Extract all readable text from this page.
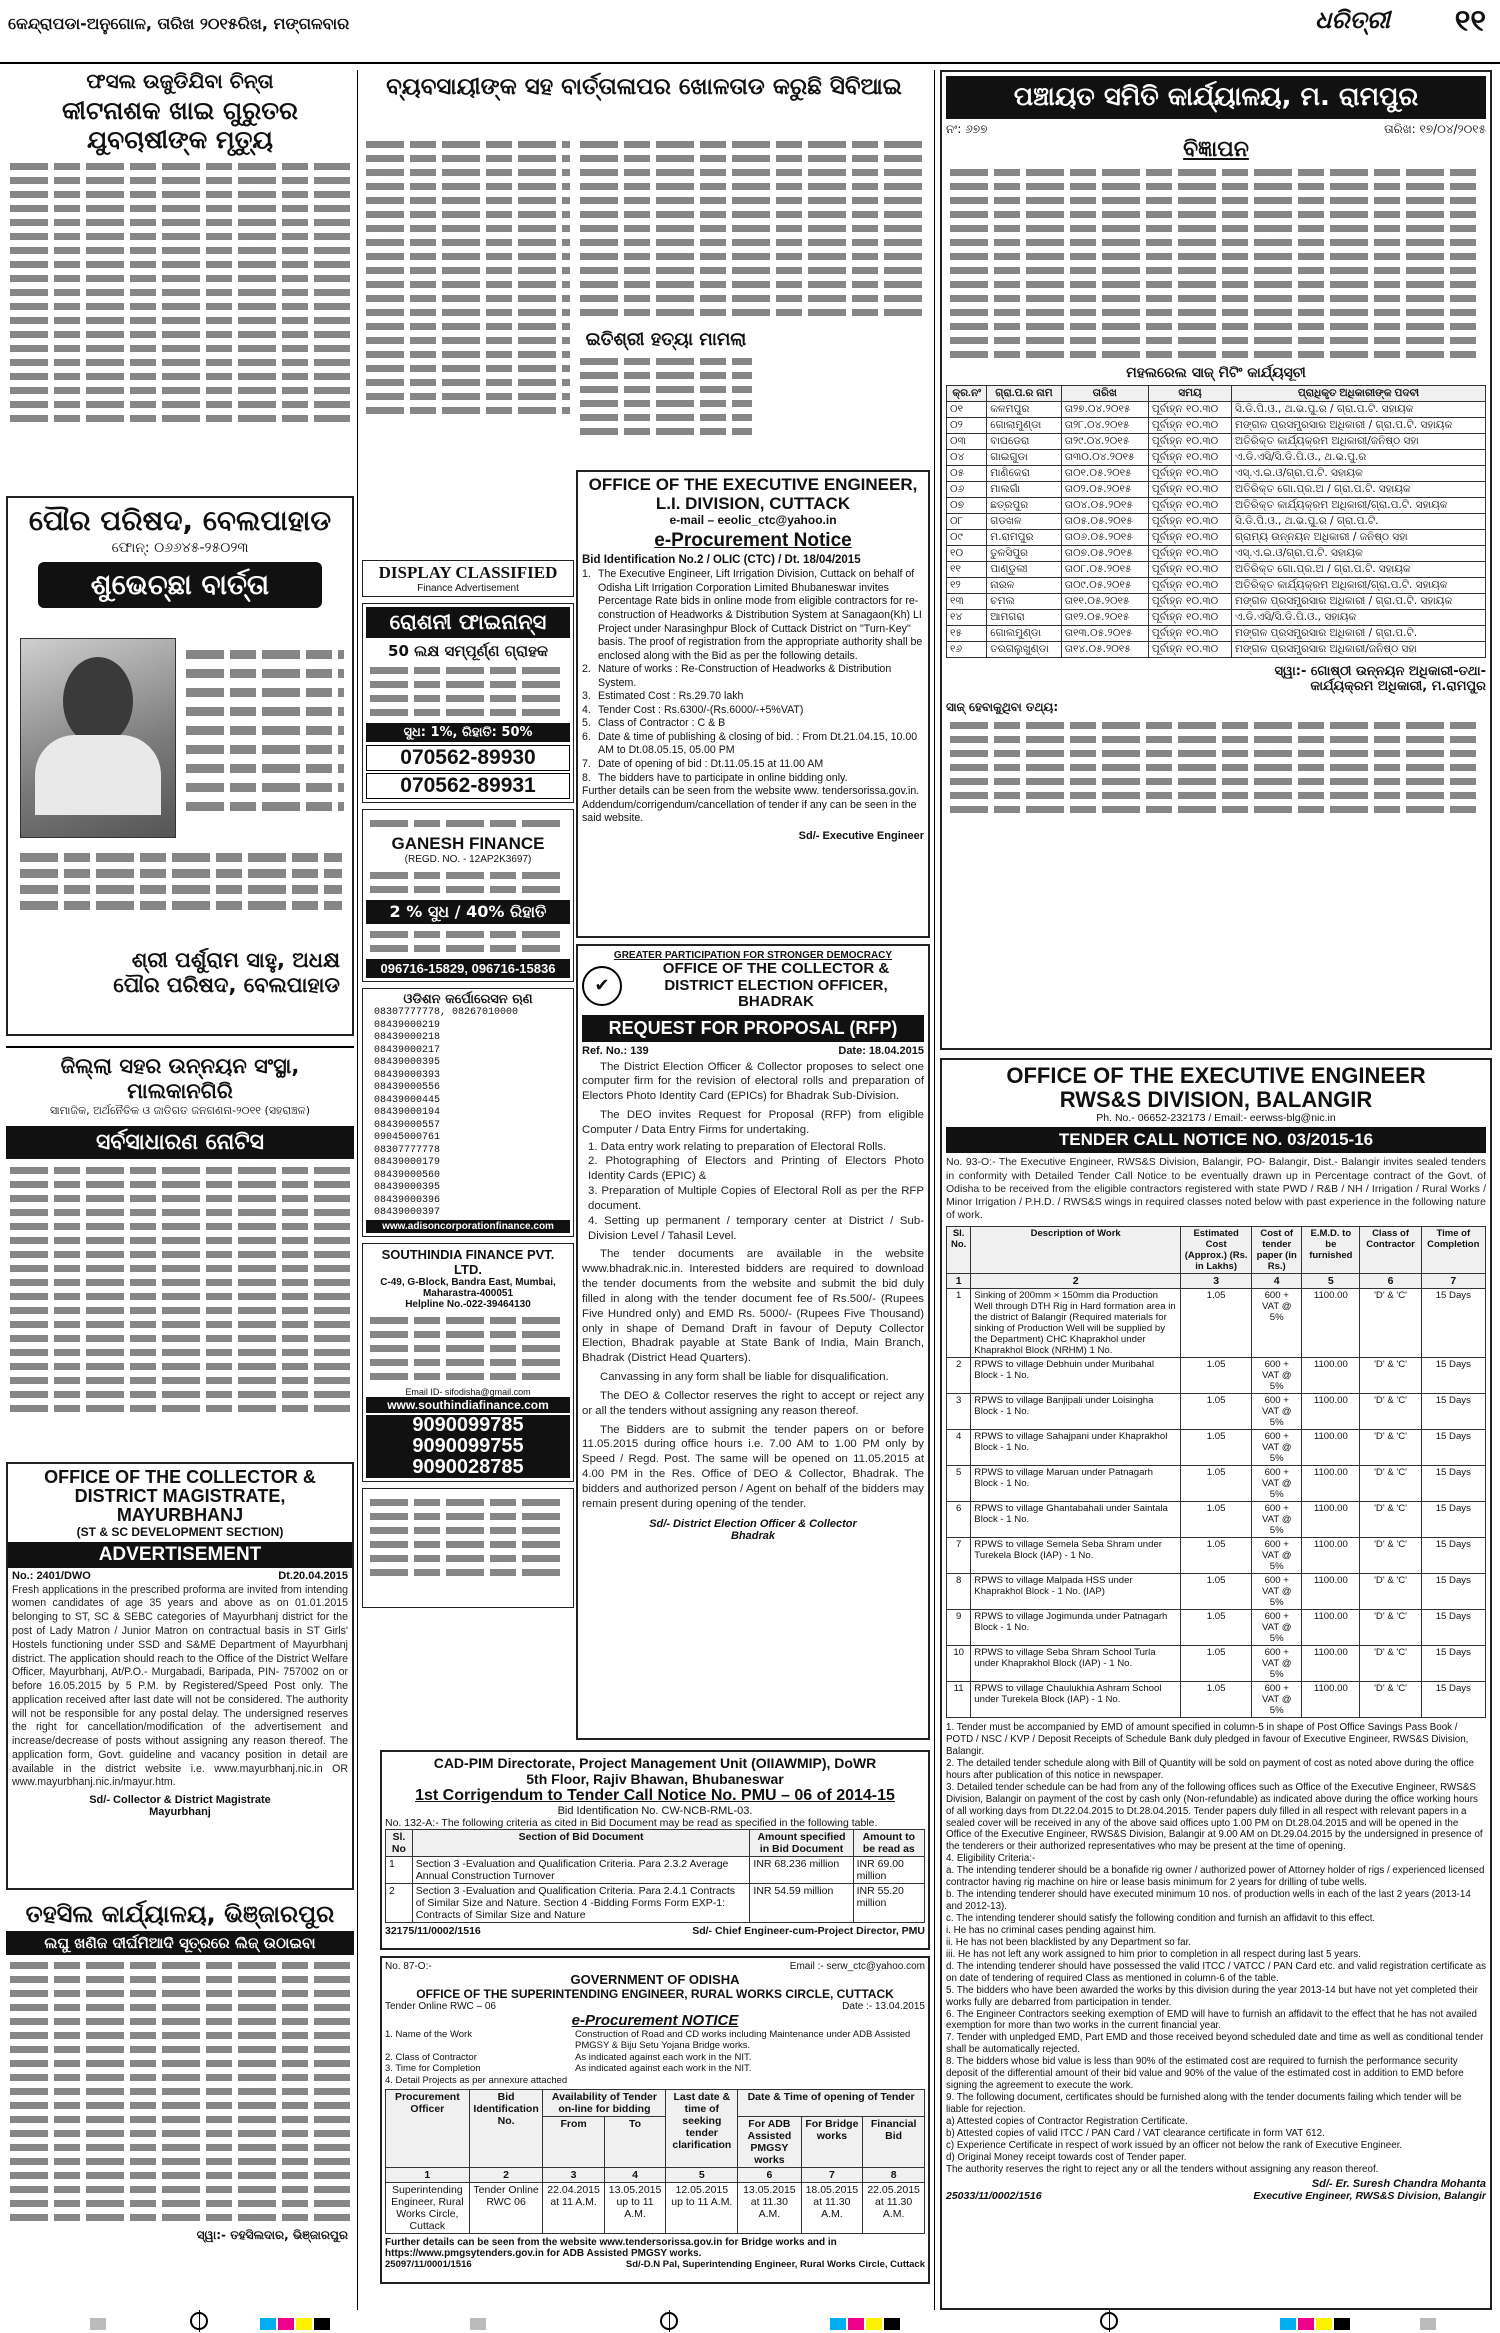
କେନ୍ଦ୍ରାପଡା-ଅନୁଗୋଳ, ତାରିଖ ୨୦୧୫ରିଖ, ମଙ୍ଗଳବାର	ଧରିତ୍ରୀ ୧୧
ଫସଲ ଉଜୁଡିଯିବା ଚିନ୍ତା
କୀଟନାଶକ ଖାଇ ଗୁରୁତର ଯୁବଚାଷୀଙ୍କ ମୃତ୍ୟୁ
ପୌର ପରିଷଦ, ବେଲପାହାଡ
ଫୋନ୍: ୦୬୬୪୫-୨୫୦୨୩
ଶୁଭେଚ୍ଛା ବାର୍ତ୍ତା
ଶ୍ରୀ ପର୍ଶୁରାମ ସାହୁ, ଅଧକ୍ଷ
ପୌର ପରିଷଦ, ବେଲପାହାଡ
ଜିଲ୍ଲା ସହର ଉନ୍ନୟନ ସଂସ୍ଥା, ମାଲକାନଗିରି
ସାମାଜିକ, ଅର୍ଥନୈତିକ ଓ ଜାତିଗତ ଜନଗଣନା-୨୦୧୧ (ସହରାଞ୍ଚଳ)
ସର୍ବସାଧାରଣ ନୋଟିସ
OFFICE OF THE COLLECTOR & DISTRICT MAGISTRATE, MAYURBHANJ
(ST & SC DEVELOPMENT SECTION)
ADVERTISEMENT
No.: 2401/DWO	Dt.20.04.2015
Fresh applications in the prescribed proforma are invited from intending women candidates of age 35 years and above as on 01.01.2015 belonging to ST, SC & SEBC categories of Mayurbhanj district for the post of Lady Matron / Junior Matron on contractual basis in ST Girls' Hostels functioning under SSD and S&ME Department of Mayurbhanj district. The application should reach to the Office of the District Welfare Officer, Mayurbhanj, At/P.O.- Murgabadi, Baripada, PIN- 757002 on or before 16.05.2015 by 5 P.M. by Registered/Speed Post only. The application received after last date will not be considered. The authority will not be responsible for any postal delay. The undersigned reserves the right for cancellation/modification of the advertisement and increase/decrease of posts without assigning any reason thereof. The application form, Govt. guideline and vacancy position in detail are available in the district website i.e. www.mayurbhanj.nic.in OR www.mayurbhanj.nic.in/mayur.htm.
Sd/- Collector & District Magistrate
Mayurbhanj
ତହସିଲ କାର୍ଯ୍ୟାଳୟ, ଭିଞ୍ଜାରପୁର
ଲଘୁ ଖଣିଜ ଦୀର୍ଘମିଆଦି ସୂତ୍ରରେ ଲିଜ୍ ଉଠାଇବା
ସ୍ୱା:- ତହସିଲଦାର, ଭିଞ୍ଜାରପୁର
ବ୍ୟବସାୟୀଙ୍କ ସହ ବାର୍ତ୍ତାଳାପର ଖୋଳତାଡ କରୁଛି ସିବିଆଇ
DISPLAY CLASSIFIED
Finance Advertisement
ରୋଶନୀ ଫାଇନାନ୍ସ
50 ଲକ୍ଷ ସମ୍ପୂର୍ଣ୍ଣ ଗ୍ରାହକ
ସୁଧ: 1%, ରିହାତି: 50%
070562-89930
070562-89931
GANESH FINANCE
(REGD. NO. - 12AP2K3697)
2 % ସୁଧ / 40% ରିହାତି
096716-15829, 096716-15836
ଓଡିଶନ କର୍ପୋରେସନ ଋଣ
08307777778, 08267010000
08439000219
08439000218
08439000217
08439000395
08439000393
08439000556
08439000445
08439000194
08439000557
09045000761
08307777778
08439000179
08439000560
08439000395
08439000396
08439000397
www.adisoncorporationfinance.com
SOUTHINDIA FINANCE PVT. LTD.
C-49, G-Block, Bandra East, Mumbai, Maharastra-400051
Helpline No.-022-39464130
Email ID- sifodisha@gmail.com
www.southindiafinance.com
9090099785
9090099755
9090028785
ଇତିଶ୍ରୀ ହତ୍ୟା ମାମଲା
OFFICE OF THE EXECUTIVE ENGINEER, L.I. DIVISION, CUTTACK
e-mail – eeolic_ctc@yahoo.in
e-Procurement Notice
Bid Identification No.2 / OLIC (CTC) / Dt. 18/04/2015
1. The Executive Engineer, Lift Irrigation Division, Cuttack on behalf of Odisha Lift Irrigation Corporation Limited Bhubaneswar invites Percentage Rate bids in online mode from eligible contractors for re-construction of Headworks & Distribution System at Sanagaon(Kh) LI Project under Narasinghpur Block of Cuttack District on "Turn-Key" basis. The proof of registration from the appropriate authority shall be enclosed along with the Bid as per the following details.
2. Nature of works : Re-Construction of Headworks & Distribution System.
3. Estimated Cost : Rs.29.70 lakh
4. Tender Cost : Rs.6300/-(Rs.6000/-+5%VAT)
5. Class of Contractor : C & B
6. Date & time of publishing & closing of bid. : From Dt.21.04.15, 10.00 AM to Dt.08.05.15, 05.00 PM
7. Date of opening of bid : Dt.11.05.15 at 11.00 AM
8. The bidders have to participate in online bidding only.
Further details can be seen from the website www. tendersorissa.gov.in.
Addendum/corrigendum/cancellation of tender if any can be seen in the said website.
Sd/- Executive Engineer
GREATER PARTICIPATION FOR STRONGER DEMOCRACY
✔
OFFICE OF THE COLLECTOR & DISTRICT ELECTION OFFICER, BHADRAK
REQUEST FOR PROPOSAL (RFP)
Ref. No.: 139	Date: 18.04.2015

The District Election Officer & Collector proposes to select one computer firm for the revision of electoral rolls and preparation of Electors Photo Identity Card (EPICs) for Bhadrak Sub-Division.

The DEO invites Request for Proposal (RFP) from eligible Computer / Data Entry Firms for undertaking.

1. Data entry work relating to preparation of Electoral Rolls.
2. Photographing of Electors and Printing of Electors Photo Identity Cards (EPIC) &
3. Preparation of Multiple Copies of Electoral Roll as per the RFP document.
4. Setting up permanent / temporary center at District / Sub-Division Level / Tahasil Level.

The tender documents are available in the website www.bhadrak.nic.in. Interested bidders are required to download the tender documents from the website and submit the bid duly filled in along with the tender document fee of Rs.500/- (Rupees Five Hundred only) and EMD Rs. 5000/- (Rupees Five Thousand) only in shape of Demand Draft in favour of Deputy Collector Election, Bhadrak payable at State Bank of India, Main Branch, Bhadrak (District Head Quarters).

Canvassing in any form shall be liable for disqualification.

The DEO & Collector reserves the right to accept or reject any or all the tenders without assigning any reason thereof.

The Bidders are to submit the tender papers on or before 11.05.2015 during office hours i.e. 7.00 AM to 1.00 PM only by Speed / Regd. Post. The same will be opened on 11.05.2015 at 4.00 PM in the Res. Office of DEO & Collector, Bhadrak. The bidders and authorized person / Agent on behalf of the bidders may remain present during opening of the tender.

Sd/- District Election Officer & Collector
Bhadrak
CAD-PIM Directorate, Project Management Unit (OIIAWMIP), DoWR
5th Floor, Rajiv Bhawan, Bhubaneswar
1st Corrigendum to Tender Call Notice No. PMU – 06 of 2014-15
Bid Identification No. CW-NCB-RML-03.
No. 132-A:- The following criteria as cited in Bid Document may be read as specified in the following table.
Sl. No	Section of Bid Document	Amount specified in Bid Document	Amount to be read as
1	Section 3 -Evaluation and Qualification Criteria. Para 2.3.2 Average Annual Construction Turnover	INR 68.236 million	INR 69.00 million
2	Section 3 -Evaluation and Qualification Criteria. Para 2.4.1 Contracts of Similar Size and Nature. Section 4 -Bidding Forms Form EXP-1: Contracts of Similar Size and Nature	INR 54.59 million	INR 55.20 million
32175/11/0002/1516	Sd/- Chief Engineer-cum-Project Director, PMU
No. 87-O:-	Email :- serw_ctc@yahoo.com
GOVERNMENT OF ODISHA
OFFICE OF THE SUPERINTENDING ENGINEER, RURAL WORKS CIRCLE, CUTTACK
Tender Online RWC – 06	Date :- 13.04.2015
e-Procurement NOTICE
1. Name of the Work	Construction of Road and CD works including Maintenance under ADB Assisted PMGSY & Biju Setu Yojana Bridge works.
2. Class of Contractor	As indicated against each work in the NIT.
3. Time for Completion	As indicated against each work in the NIT.
4. Detail Projects as per annexure attached
Procurement Officer	Bid Identification No.	Availability of Tender on-line for bidding		Last date & time of seeking tender clarification	Date & Time of opening of Tender		
		From	To		For ADB Assisted PMGSY works	For Bridge works	Financial Bid
1	2	3	4	5	6	7	8
Superintending Engineer, Rural Works Circle, Cuttack	Tender Online RWC 06	22.04.2015 at 11 A.M.	13.05.2015 up to 11 A.M.	12.05.2015 up to 11 A.M.	13.05.2015 at 11.30 A.M.	18.05.2015 at 11.30 A.M.	22.05.2015 at 11.30 A.M.
Further details can be seen from the website www.tendersorissa.gov.in for Bridge works and in https://www.pmgsytenders.gov.in for ADB Assisted PMGSY works.
25097/11/0001/1516	Sd/-D.N Pal, Superintending Engineer, Rural Works Circle, Cuttack
ପଞ୍ଚାୟତ ସମିତି କାର୍ଯ୍ୟାଳୟ, ମ. ରାମପୁର
ନଂ: ୬୭୭	ତାରିଖ: ୧୭/୦୪/୨୦୧୫
ବିଜ୍ଞାପନ
ମହଲରେଲ ସାଜ୍ ମିଟିଂ କାର୍ଯ୍ୟସୂଚୀ
କ୍ର.ନଂ	ଗ୍ରା.ପ.ର ନାମ	ତାରିଖ	ସମୟ	ପ୍ରାଧିକୃତ ଅଧିକାରୀଙ୍କ ପଦବୀ
୦୧	କଳମପୁର	ତା୨୭.୦୪.୨୦୧୫	ପୂର୍ବାହ୍ନ ୧୦.୩୦	ସି.ଡି.ପି.ଓ., ଥ.ଭ.ପୁ.ର / ଗ୍ରା.ପ.ଟି. ସହାୟକ
୦୨	ଗୋଲାମୁଣ୍ଡା	ତା୨୮.୦୪.୨୦୧୫	ପୂର୍ବାହ୍ନ ୧୦.୩୦	ମଙ୍ଗଳ ପ୍ରସମ୍ପ୍ରସାର ଅଧିକାରୀ / ଗ୍ରା.ପ.ଟି. ସହାୟକ
୦୩	ବାଘଡେରା	ତା୨୯.୦୪.୨୦୧୫	ପୂର୍ବାହ୍ନ ୧୦.୩୦	ଅତିରିକ୍ତ କାର୍ଯ୍ୟକ୍ରମ ଅଧିକାରୀ/ଜନିଷ୍ଠ ସହା
୦୪	ଗାଇଗୁଡା	ତା୩୦.୦୪.୨୦୧୫	ପୂର୍ବାହ୍ନ ୧୦.୩୦	ଏ.ଡି.ଏସି/ସି.ଡି.ପି.ଓ., ଥ.ଭ.ପୁ.ର
୦୫	ମାଣିକେରା	ତା୦୧.୦୫.୨୦୧୫	ପୂର୍ବାହ୍ନ ୧୦.୩୦	ଏସ୍.ଏ.ଇ.ଓ/ଗ୍ରା.ପ.ଟି. ସହାୟକ
୦୬	ମାଲଗାଁ	ତା୦୨.୦୫.୨୦୧୫	ପୂର୍ବାହ୍ନ ୧୦.୩୦	ଅତିରିକ୍ତ ଗୋ.ପ୍ର.ଅ / ଗ୍ରା.ପ.ଟି. ସହାୟକ
୦୭	ଛତ୍ରପୁର	ତା୦୪.୦୫.୨୦୧୫	ପୂର୍ବାହ୍ନ ୧୦.୩୦	ଅତିରିକ୍ତ କାର୍ଯ୍ୟକ୍ରମ ଅଧିକାରୀ/ଗ୍ରା.ପ.ଟି. ସହାୟକ
୦୮	ଗଡଖଳ	ତା୦୫.୦୫.୨୦୧୫	ପୂର୍ବାହ୍ନ ୧୦.୩୦	ସି.ଡି.ପି.ଓ., ଥ.ଭ.ପୁ.ର / ଗ୍ରା.ପ.ଟି.
୦୯	ମ.ରାମପୁର	ତା୦୬.୦୫.୨୦୧୫	ପୂର୍ବାହ୍ନ ୧୦.୩୦	ଗ୍ରାମ୍ୟ ଉନ୍ନୟନ ଅଧିକାରୀ / ଜନିଷ୍ଠ ସହା
୧୦	ତୁଳସିପୁର	ତା୦୭.୦୫.୨୦୧୫	ପୂର୍ବାହ୍ନ ୧୦.୩୦	ଏସ୍.ଏ.ଇ.ଓ/ଗ୍ରା.ପ.ଟି. ସହାୟକ
୧୧	ପାଣ୍ଡୁଲୀ	ତା୦୮.୦୫.୨୦୧୫	ପୂର୍ବାହ୍ନ ୧୦.୩୦	ଅତିରିକ୍ତ ଗୋ.ପ୍ର.ଅ / ଗ୍ରା.ପ.ଟି. ସହାୟକ
୧୨	ନାରଳ	ତା୦୯.୦୫.୨୦୧୫	ପୂର୍ବାହ୍ନ ୧୦.୩୦	ଅତିରିକ୍ତ କାର୍ଯ୍ୟକ୍ରମ ଅଧିକାରୀ/ଗ୍ରା.ପ.ଟି. ସହାୟକ
୧୩	ଚମଲ	ତା୧୧.୦୫.୨୦୧୫	ପୂର୍ବାହ୍ନ ୧୦.୩୦	ମଙ୍ଗଳ ପ୍ରସମ୍ପ୍ରସାର ଅଧିକାରୀ / ଗ୍ରା.ପ.ଟି. ସହାୟକ
୧୪	ଆମଗରା	ତା୧୨.୦୫.୨୦୧୫	ପୂର୍ବାହ୍ନ ୧୦.୩୦	ଏ.ଡି.ଏସି/ସି.ଡି.ପି.ଓ., ସହାୟକ
୧୫	ଗୋଲମୁଣ୍ଡା	ତା୧୩.୦୫.୨୦୧୫	ପୂର୍ବାହ୍ନ ୧୦.୩୦	ମଙ୍ଗଳ ପ୍ରସମ୍ପ୍ରସାର ଅଧିକାରୀ / ଗ୍ରା.ପ.ଟି.
୧୬	ତରଗଲୁଖୁଣ୍ଡା	ତା୧୪.୦୫.୨୦୧୫	ପୂର୍ବାହ୍ନ ୧୦.୩୦	ମଙ୍ଗଳ ପ୍ରସମ୍ପ୍ରସାର ଅଧିକାରୀ/ଜନିଷ୍ଠ ସହା
ସ୍ୱା:- ଗୋଷ୍ଠୀ ଉନ୍ନୟନ ଅଧିକାରୀ-ତଥା-
କାର୍ଯ୍ୟକ୍ରମ ଅଧିକାରୀ, ମ.ରାମପୁର
ସାଜ୍ ହେବାକୁଥିବା ତଥ୍ୟ:
OFFICE OF THE EXECUTIVE ENGINEER
RWS&S DIVISION, BALANGIR
Ph. No.- 06652-232173 / Email:- eerwss-blg@nic.in
TENDER CALL NOTICE NO. 03/2015-16
No. 93-O:- The Executive Engineer, RWS&S Division, Balangir, PO- Balangir, Dist.- Balangir invites sealed tenders in conformity with Detailed Tender Call Notice to be eventually drawn up in Percentage contract of the Govt. of Odisha to be received from the eligible contractors registered with state PWD / R&B / NH / Irrigation / Rural Works / Minor Irrigation / P.H.D. / RWS&S wings in required classes noted below with past experience in the following nature of work.
Sl. No.	Description of Work	Estimated Cost (Approx.) (Rs. in Lakhs)	Cost of tender paper (in Rs.)	E.M.D. to be furnished	Class of Contractor	Time of Completion
1	2	3	4	5	6	7
1	Sinking of 200mm × 150mm dia Production Well through DTH Rig in Hard formation area in the district of Balangir (Required materials for sinking of Production Well will be supplied by the Department) CHC Khaprakhol under Khaprakhol Block (NRHM) 1 No.	1.05	600 + VAT @ 5%	1100.00	'D' & 'C'	15 Days
2	RPWS to village Debhuin under Muribahal Block - 1 No.	1.05	600 + VAT @ 5%	1100.00	'D' & 'C'	15 Days
3	RPWS to village Banjipali under Loisingha Block - 1 No.	1.05	600 + VAT @ 5%	1100.00	'D' & 'C'	15 Days
4	RPWS to village Sahajpani under Khaprakhol Block - 1 No.	1.05	600 + VAT @ 5%	1100.00	'D' & 'C'	15 Days
5	RPWS to village Maruan under Patnagarh Block - 1 No.	1.05	600 + VAT @ 5%	1100.00	'D' & 'C'	15 Days
6	RPWS to village Ghantabahali under Saintala Block - 1 No.	1.05	600 + VAT @ 5%	1100.00	'D' & 'C'	15 Days
7	RPWS to village Semela Seba Shram under Turekela Block (IAP) - 1 No.	1.05	600 + VAT @ 5%	1100.00	'D' & 'C'	15 Days
8	RPWS to village Malpada HSS under Khaprakhol Block - 1 No. (IAP)	1.05	600 + VAT @ 5%	1100.00	'D' & 'C'	15 Days
9	RPWS to village Jogimunda under Patnagarh Block - 1 No.	1.05	600 + VAT @ 5%	1100.00	'D' & 'C'	15 Days
10	RPWS to village Seba Shram School Turla under Khaprakhol Block (IAP) - 1 No.	1.05	600 + VAT @ 5%	1100.00	'D' & 'C'	15 Days
11	RPWS to village Chaulukhia Ashram School under Turekela Block (IAP) - 1 No.	1.05	600 + VAT @ 5%	1100.00	'D' & 'C'	15 Days
1. Tender must be accompanied by EMD of amount specified in column-5 in shape of Post Office Savings Pass Book / POTD / NSC / KVP / Deposit Receipts of Schedule Bank duly pledged in favour of Executive Engineer, RWS&S Division, Balangir.
2. The detailed tender schedule along with Bill of Quantity will be sold on payment of cost as noted above during the office hours after publication of this notice in newspaper.
3. Detailed tender schedule can be had from any of the following offices such as Office of the Executive Engineer, RWS&S Division, Balangir on payment of the cost by cash only (Non-refundable) as indicated above during the office working hours of all working days from Dt.22.04.2015 to Dt.28.04.2015. Tender papers duly filled in all respect with relevant papers in a sealed cover will be received in any of the above said offices upto 1.00 PM on Dt.28.04.2015 and will be opened in the Office of the Executive Engineer, RWS&S Division, Balangir at 9.00 AM on Dt.29.04.2015 by the undersigned in presence of the tenderers or their authorized representatives who may be present at the time of opening.
4. Eligibility Criteria:-
a. The intending tenderer should be a bonafide rig owner / authorized power of Attorney holder of rigs / experienced licensed contractor having rig machine on hire or lease basis minimum for 2 years for drilling of tube wells.
b. The intending tenderer should have executed minimum 10 nos. of production wells in each of the last 2 years (2013-14 and 2012-13).
c. The intending tenderer should satisfy the following condition and furnish an affidavit to this effect.
i. He has no criminal cases pending against him.
ii. He has not been blacklisted by any Department so far.
iii. He has not left any work assigned to him prior to completion in all respect during last 5 years.
d. The intending tenderer should have possessed the valid ITCC / VATCC / PAN Card etc. and valid registration certificate as on date of tendering of required Class as mentioned in column-6 of the table.
5. The bidders who have been awarded the works by this division during the year 2013-14 but have not yet completed their works fully are debarred from participation in tender.
6. The Engineer Contractors seeking exemption of EMD will have to furnish an affidavit to the effect that he has not availed exemption for more than two works in the current financial year.
7. Tender with unpledged EMD, Part EMD and those received beyond scheduled date and time as well as conditional tender shall be automatically rejected.
8. The bidders whose bid value is less than 90% of the estimated cost are required to furnish the performance security deposit of the differential amount of their bid value and 90% of the value of the estimated cost in addition to EMD before signing the agreement to execute the work.
9. The following document, certificates should be furnished along with the tender documents failing which tender will be liable for rejection.
a) Attested copies of Contractor Registration Certificate.
b) Attested copies of valid ITCC / PAN Card / VAT clearance certificate in form VAT 612.
c) Experience Certificate in respect of work issued by an officer not below the rank of Executive Engineer.
d) Original Money receipt towards cost of Tender paper.
The authority reserves the right to reject any or all the tenders without assigning any reason thereof.
Sd/- Er. Suresh Chandra Mohanta
25033/11/0002/1516	Executive Engineer, RWS&S Division, Balangir
